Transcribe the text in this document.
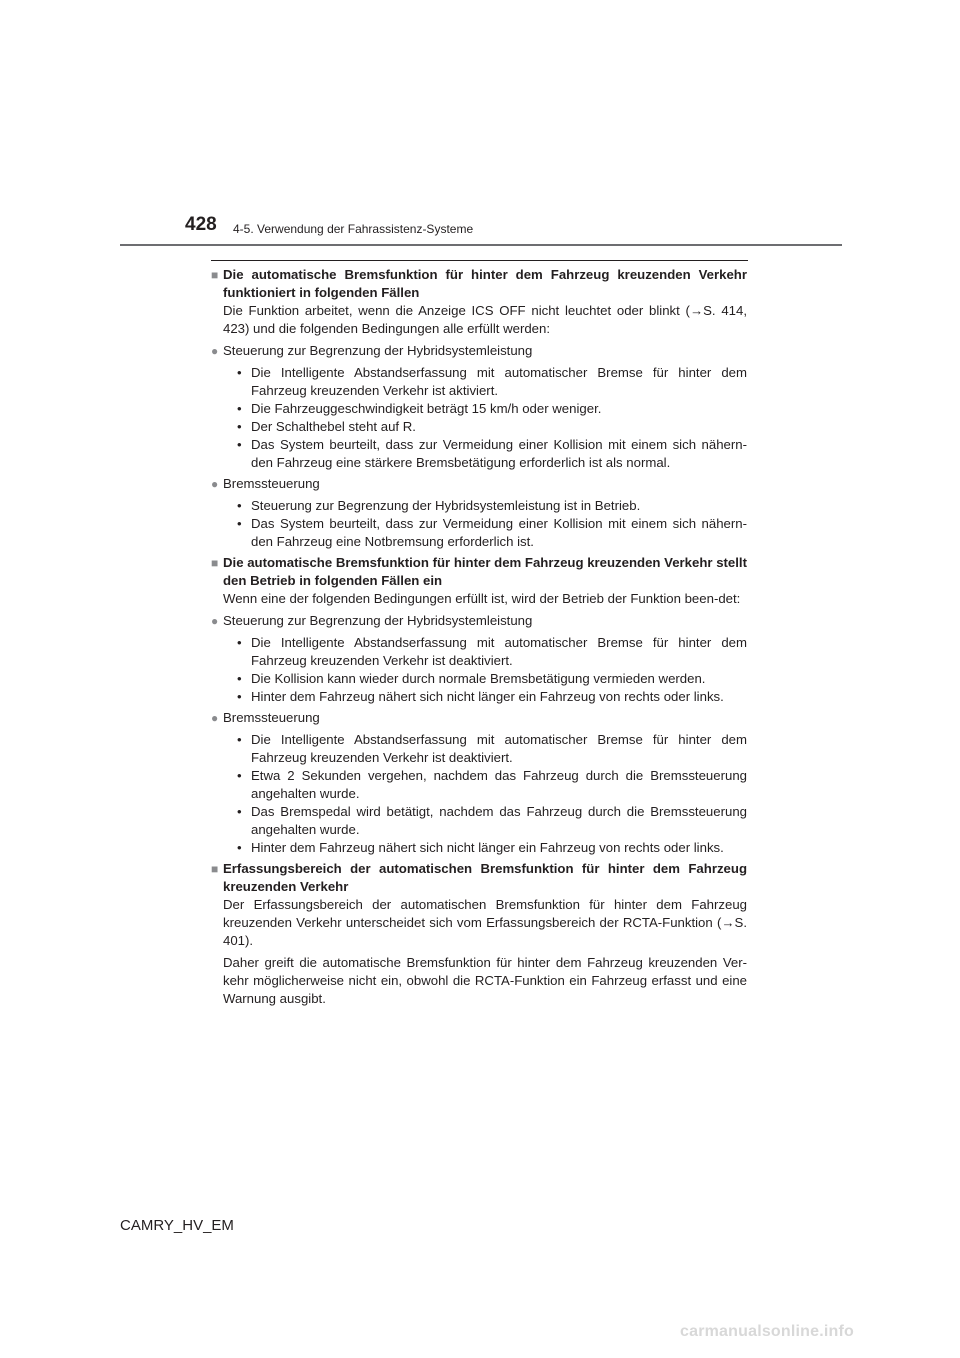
428 4-5. Verwendung der Fahrassistenz-Systeme
■ Die automatische Bremsfunktion für hinter dem Fahrzeug kreuzenden Verkehr funktioniert in folgenden Fällen
Die Funktion arbeitet, wenn die Anzeige ICS OFF nicht leuchtet oder blinkt (→S. 414, 423) und die folgenden Bedingungen alle erfüllt werden:
● Steuerung zur Begrenzung der Hybridsystemleistung
• Die Intelligente Abstandserfassung mit automatischer Bremse für hinter dem Fahrzeug kreuzenden Verkehr ist aktiviert.
• Die Fahrzeuggeschwindigkeit beträgt 15 km/h oder weniger.
• Der Schalthebel steht auf R.
• Das System beurteilt, dass zur Vermeidung einer Kollision mit einem sich nähern-den Fahrzeug eine stärkere Bremsbetätigung erforderlich ist als normal.
● Bremssteuerung
• Steuerung zur Begrenzung der Hybridsystemleistung ist in Betrieb.
• Das System beurteilt, dass zur Vermeidung einer Kollision mit einem sich nähern-den Fahrzeug eine Notbremsung erforderlich ist.
■ Die automatische Bremsfunktion für hinter dem Fahrzeug kreuzenden Verkehr stellt den Betrieb in folgenden Fällen ein
Wenn eine der folgenden Bedingungen erfüllt ist, wird der Betrieb der Funktion been-det:
● Steuerung zur Begrenzung der Hybridsystemleistung
• Die Intelligente Abstandserfassung mit automatischer Bremse für hinter dem Fahrzeug kreuzenden Verkehr ist deaktiviert.
• Die Kollision kann wieder durch normale Bremsbetätigung vermieden werden.
• Hinter dem Fahrzeug nähert sich nicht länger ein Fahrzeug von rechts oder links.
● Bremssteuerung
• Die Intelligente Abstandserfassung mit automatischer Bremse für hinter dem Fahrzeug kreuzenden Verkehr ist deaktiviert.
• Etwa 2 Sekunden vergehen, nachdem das Fahrzeug durch die Bremssteuerung angehalten wurde.
• Das Bremspedal wird betätigt, nachdem das Fahrzeug durch die Bremssteuerung angehalten wurde.
• Hinter dem Fahrzeug nähert sich nicht länger ein Fahrzeug von rechts oder links.
■ Erfassungsbereich der automatischen Bremsfunktion für hinter dem Fahrzeug kreuzenden Verkehr
Der Erfassungsbereich der automatischen Bremsfunktion für hinter dem Fahrzeug kreuzenden Verkehr unterscheidet sich vom Erfassungsbereich der RCTA-Funktion (→S. 401).
Daher greift die automatische Bremsfunktion für hinter dem Fahrzeug kreuzenden Ver-kehr möglicherweise nicht ein, obwohl die RCTA-Funktion ein Fahrzeug erfasst und eine Warnung ausgibt.
CAMRY_HV_EM
carmanualsonline.info
